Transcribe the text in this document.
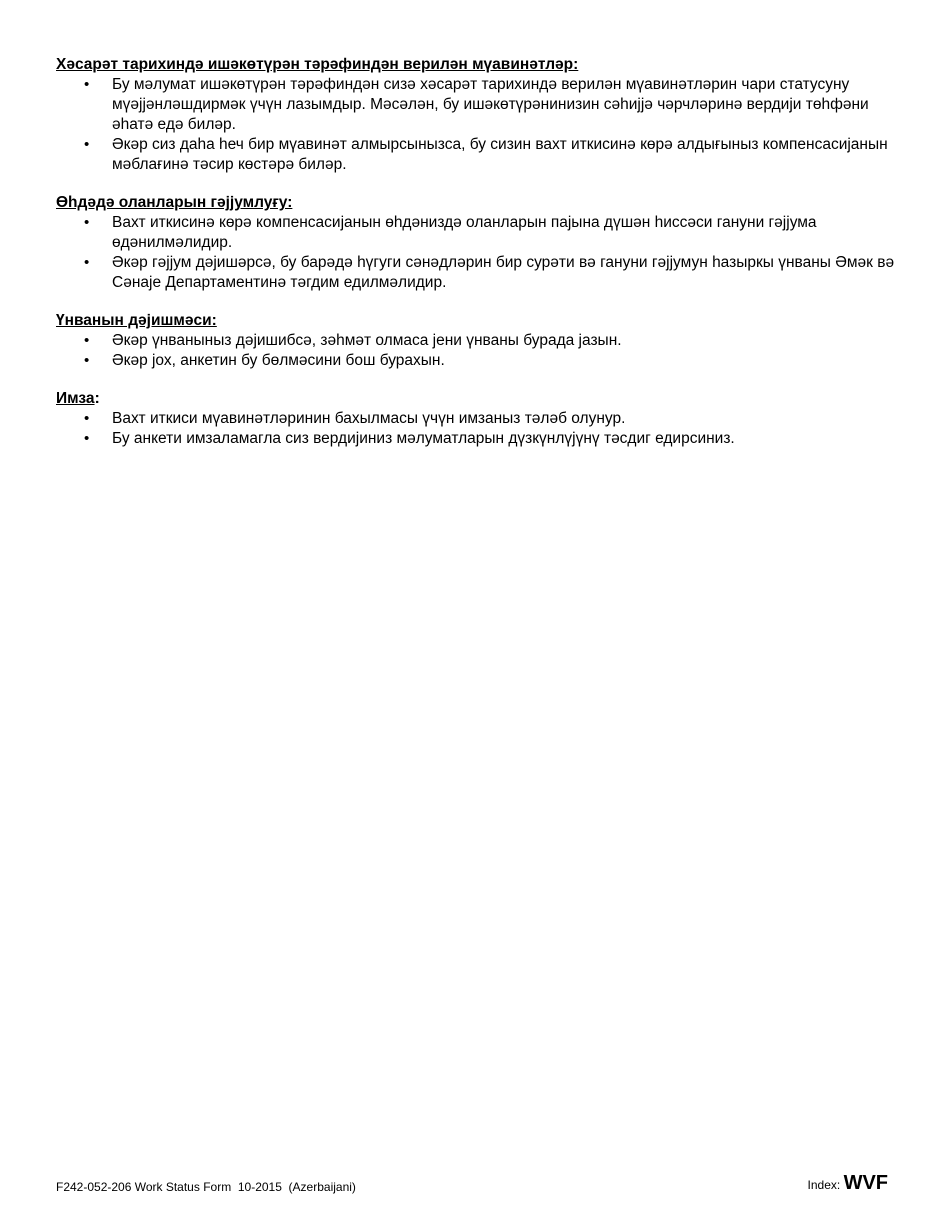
Хәсарәт тарихиндә ишәкөтүрән тәрәфиндән верилән мүавинәтләр:
• Бу мәлумат ишәкөтүрән тәрәфиндән сизә хәсарәт тарихиндә верилән мүавинәтләрин чари статусуну мүәјјәнләшдирмәк үчүн лазымдыр. Мәсәлән, бу ишәкөтүрәнинизин сәһијјә чәрчләринә вердији төһфәни әһатә едә биләр.
• Әкәр сиз даһа һеч бир мүавинәт алмырсынызса, бу сизин вахт иткисинә көрә алдығыныз компенсасијанын мәблағинә тәсир көстәрә биләр.
Өһдәдә оланларын гәјјумлуғу:
• Вахт иткисинә көрә компенсасијанын өһдәниздә оланларын пајына дүшән һиссәси гануни гәјјума өдәнилмәлидир.
• Әкәр гәјјум дәјишәрсә, бу барәдә һүгуги сәнәдләрин бир сурәти вә гануни гәјјумун һазыркы үнваны Әмәк вә Сәнаје Департаментинә тәгдим едилмәлидир.
Үнванын дәјишмәси:
• Әкәр үнваныныз дәјишибсә, зәһмәт олмаса јени үнваны бурада јазын.
• Әкәр јох, анкетин бу бөлмәсини бош бурахын.
Имза:
• Вахт иткиси мүавинәтләринин бахылмасы үчүн имзаныз тәләб олунур.
• Бу анкети имзаламагла сиз вердијиниз мәлуматларын дүзкүнлүјүнү тәсдиг едирсиниз.
F242-052-206 Work Status Form  10-2015  (Azerbaijani)	Index: WVF
